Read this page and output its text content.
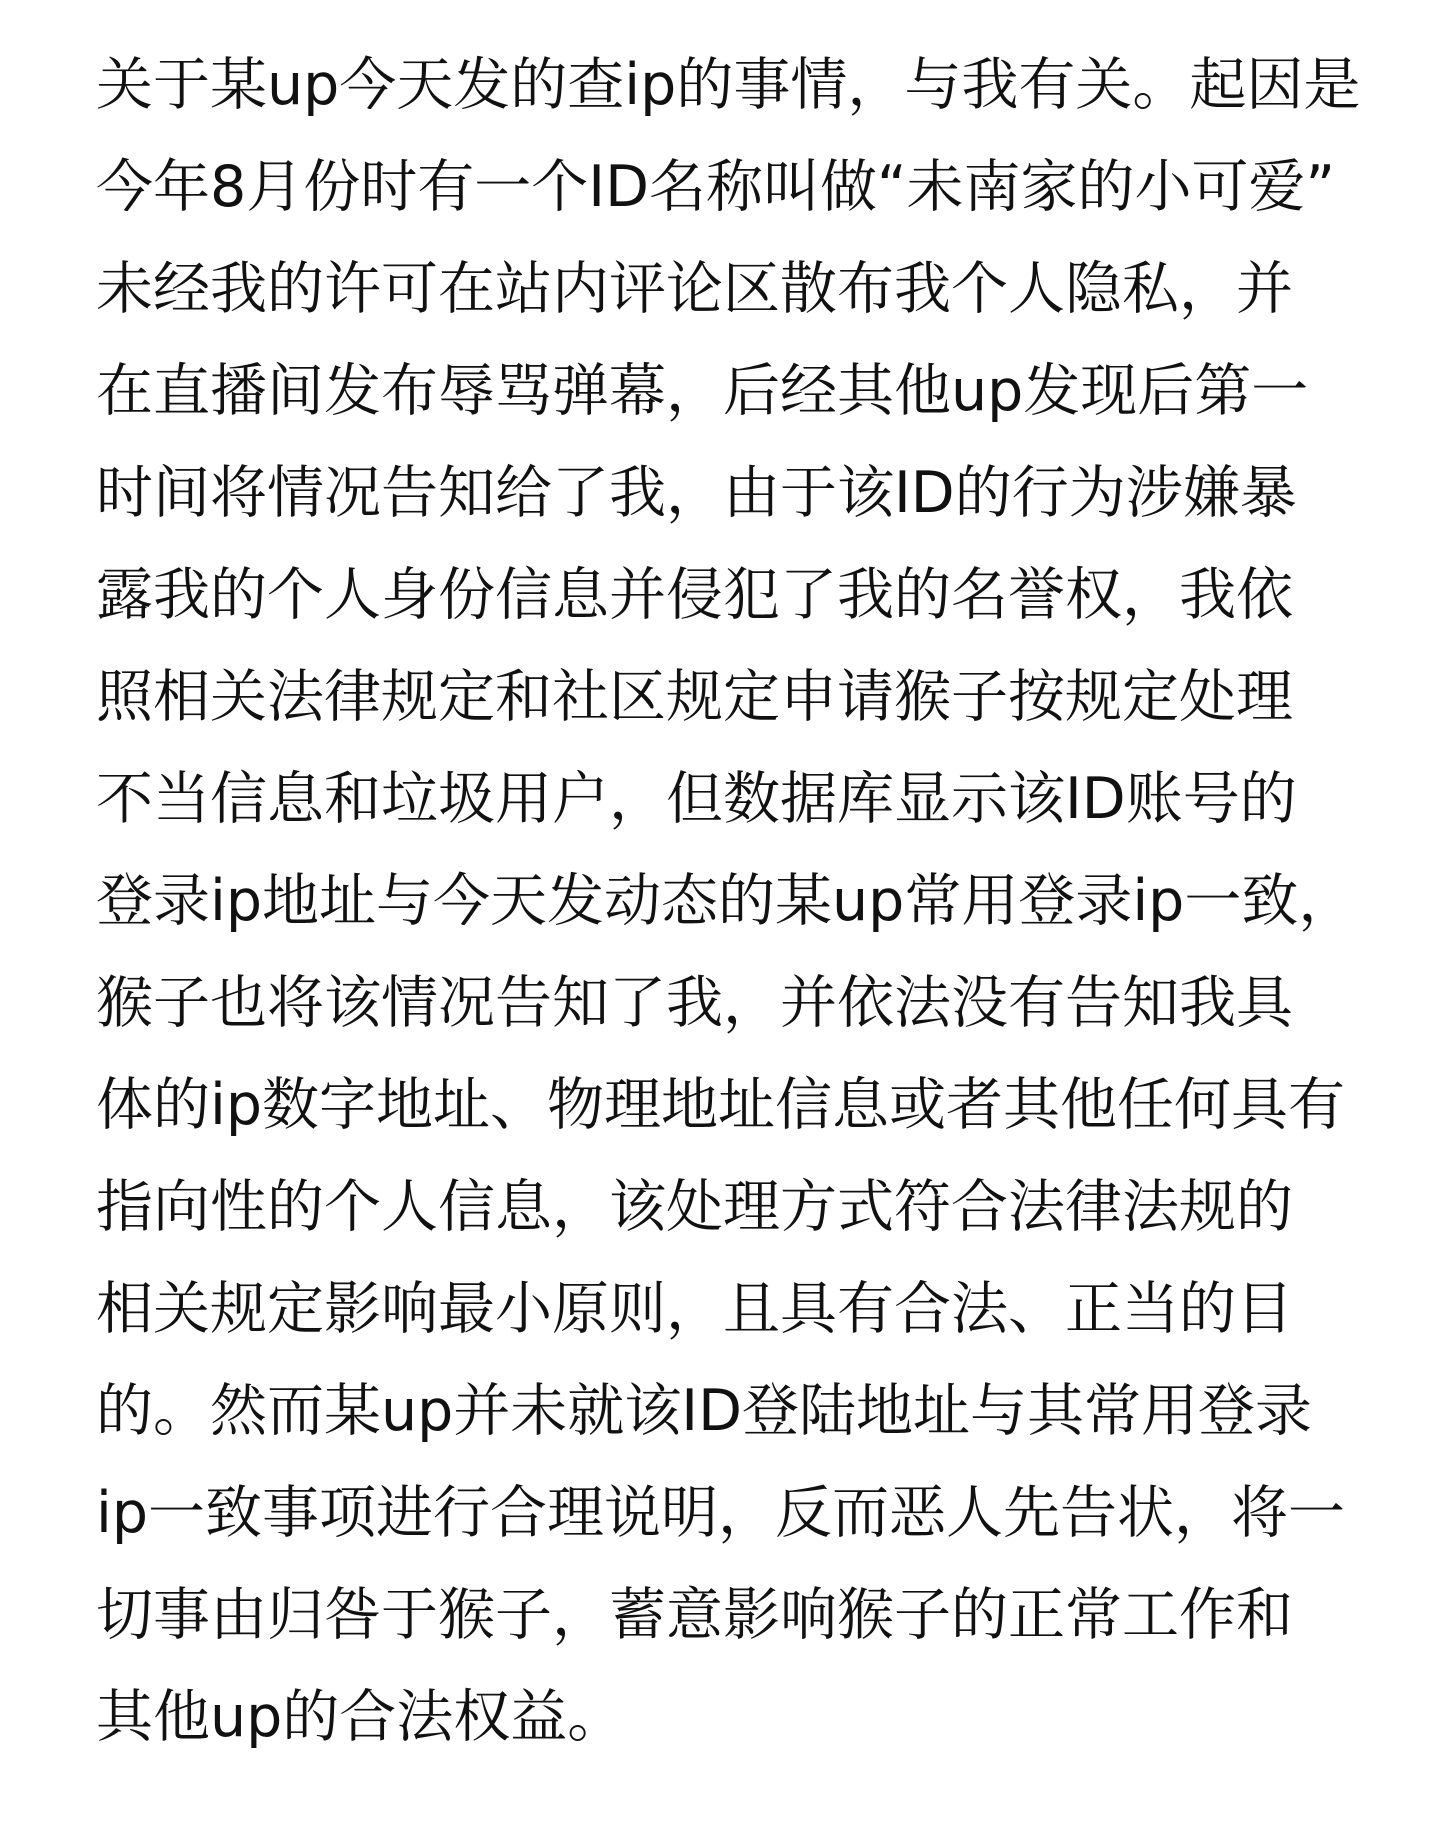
关于某up今天发的查ip的事情，与我有关。起因是
今年8月份时有一个ID名称叫做“未南家的小可爱”
未经我的许可在站内评论区散布我个人隐私，并
在直播间发布辱骂弹幕，后经其他up发现后第一
时间将情况告知给了我，由于该ID的行为涉嫌暴
露我的个人身份信息并侵犯了我的名誉权，我依
照相关法律规定和社区规定申请猴子按规定处理
不当信息和垃圾用户，但数据库显示该ID账号的
登录ip地址与今天发动态的某up常用登录ip一致，
猴子也将该情况告知了我，并依法没有告知我具
体的ip数字地址、物理地址信息或者其他任何具有
指向性的个人信息，该处理方式符合法律法规的
相关规定影响最小原则，且具有合法、正当的目
的。然而某up并未就该ID登陆地址与其常用登录
ip一致事项进行合理说明，反而恶人先告状，将一
切事由归咎于猴子，蓄意影响猴子的正常工作和
其他up的合法权益。
